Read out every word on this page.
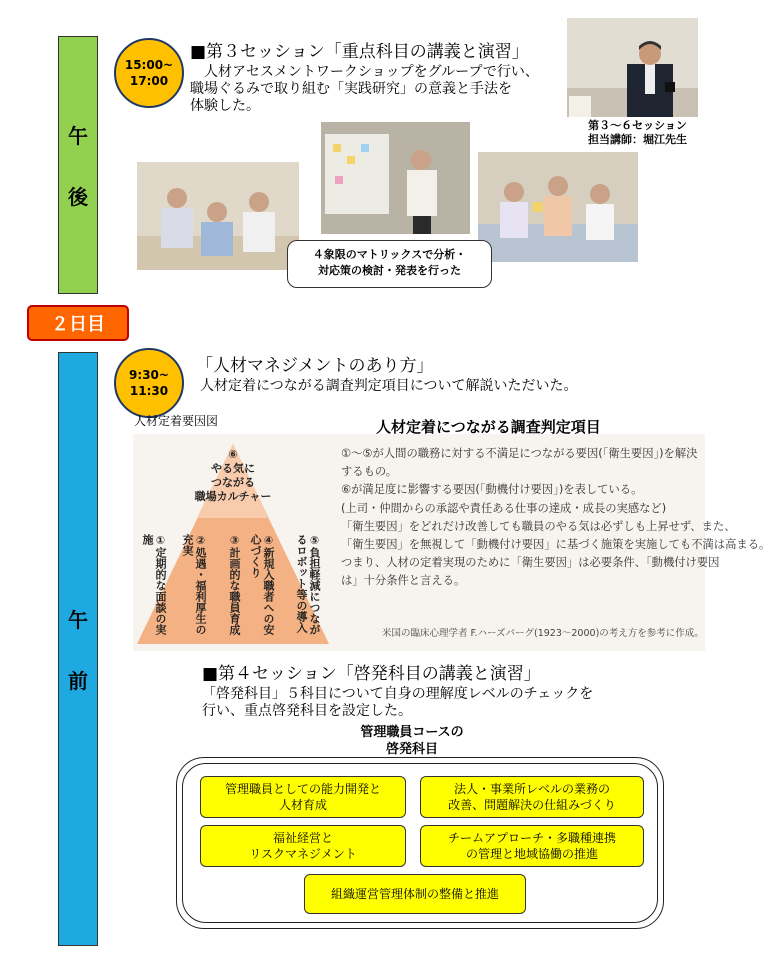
午
後
２日目
午
前
15:00~
17:00
■第３セッション「重点科目の講義と演習」
　人材アセスメントワークショップをグループで行い、
職場ぐるみで取り組む「実践研究」の意義と手法を
体験した。
第３～６セッション
担当講師：堀江先生
４象限のマトリックスで分析・
対応策の検討・発表を行った
9:30~
11:30
「人材マネジメントのあり方」
人材定着につながる調査判定項目について解説いただいた。
人材定着要因図
⑥
やる気に
つながる
職場カルチャー
①定期的な面談の実施	②処遇・福利厚生の充実	③計画的な職員育成
④新規入職者への安心づくり	⑤負担軽減につながるロボット等の導入
人材定着につながる調査判定項目
①～⑤が人間の職務に対する不満足につながる要因(「衛生要因」)を解決
するもの。
⑥が満足度に影響する要因(「動機付け要因」)を表している。
(上司・仲間からの承認や責任ある仕事の達成・成長の実感など)
「衛生要因」をどれだけ改善しても職員のやる気は必ずしも上昇せず、また、
「衛生要因」を無視して「動機付け要因」に基づく施策を実施しても不満は高まる。
つまり、人材の定着実現のために「衛生要因」は必要条件、「動機付け要因
は」十分条件と言える。
米国の臨床心理学者 F.ハーズバーグ(1923～2000)の考え方を参考に作成。
■第４セッション「啓発科目の講義と演習」
「啓発科目」５科目について自身の理解度レベルのチェックを
行い、重点啓発科目を設定した。
管理職員コースの
啓発科目
管理職員としての能力開発と
人材育成
法人・事業所レベルの業務の
改善、問題解決の仕組みづくり
福祉経営と
リスクマネジメント
チームアプローチ・多職種連携
の管理と地域協働の推進
組織運営管理体制の整備と推進
